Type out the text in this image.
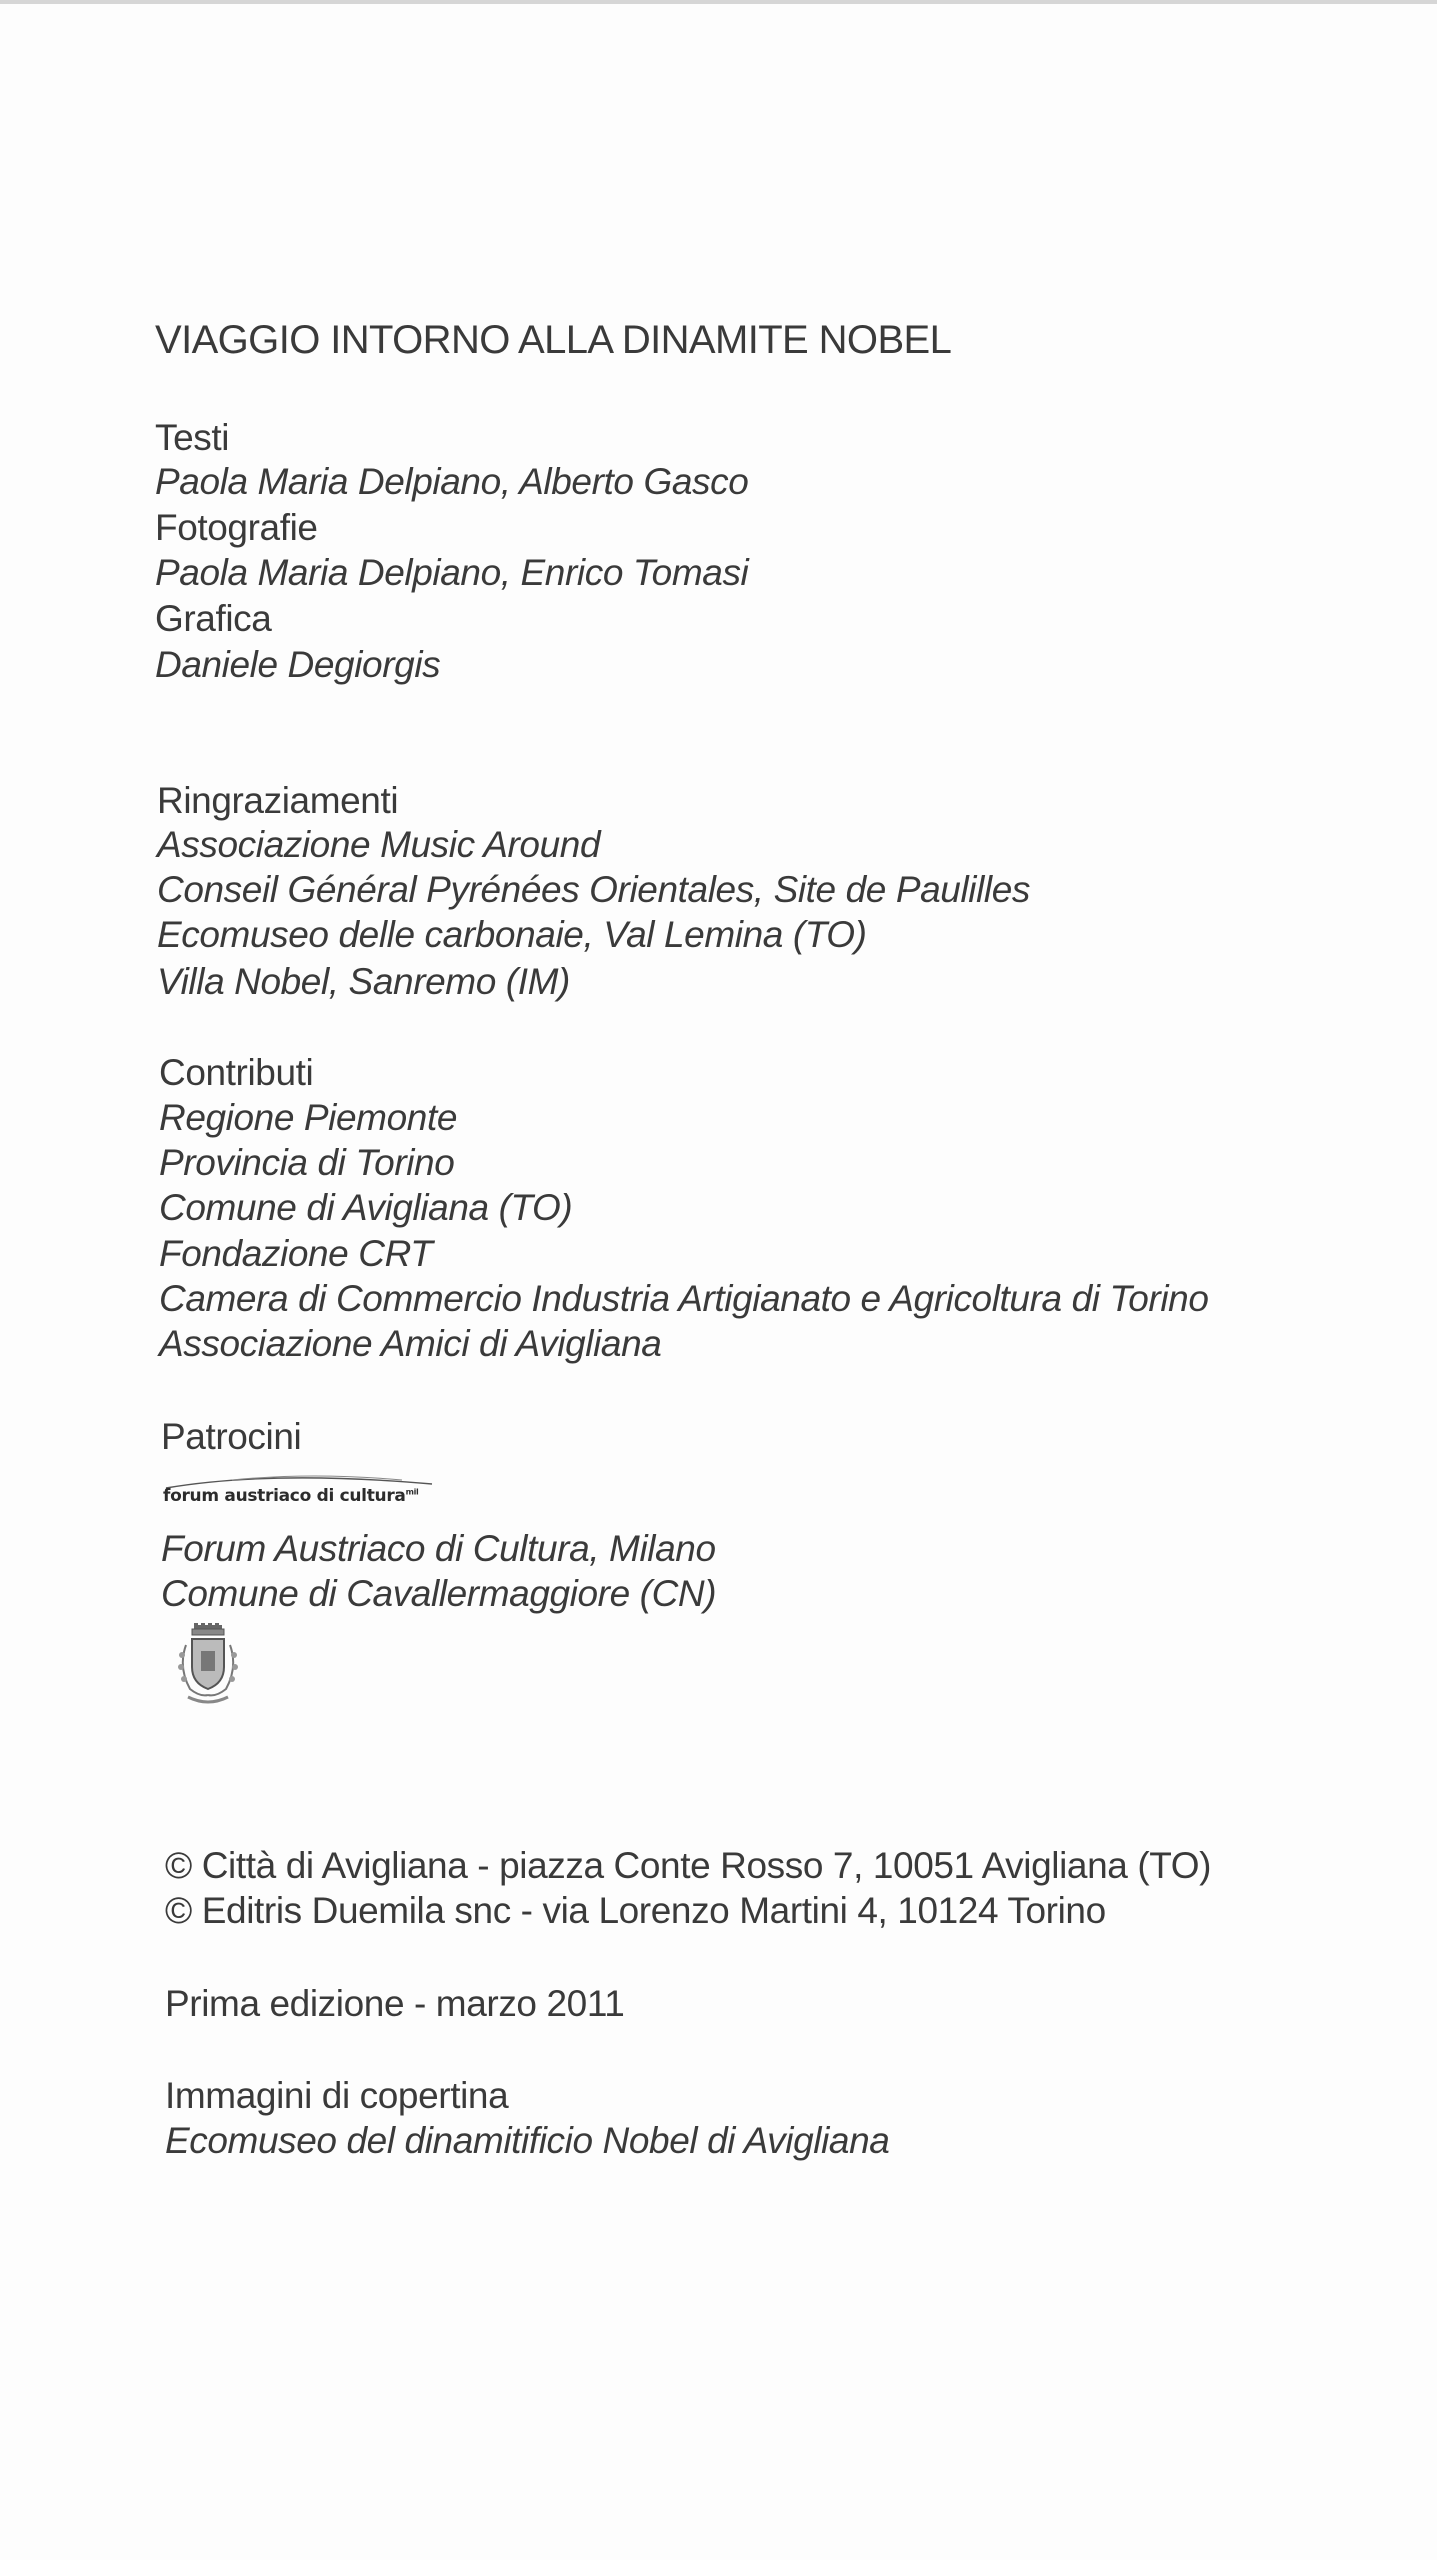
VIAGGIO INTORNO ALLA DINAMITE NOBEL
Testi
Paola Maria Delpiano, Alberto Gasco
Fotografie
Paola Maria Delpiano, Enrico Tomasi
Grafica
Daniele Degiorgis
Ringraziamenti
Associazione Music Around
Conseil Général Pyrénées Orientales, Site de Paulilles
Ecomuseo delle carbonaie, Val Lemina (TO)
Villa Nobel, Sanremo (IM)
Contributi
Regione Piemonte
Provincia di Torino
Comune di Avigliana (TO)
Fondazione CRT
Camera di Commercio Industria Artigianato e Agricoltura di Torino
Associazione Amici di Avigliana
Patrocini
forum austriaco di cultura$^{mil}$
Forum Austriaco di Cultura, Milano
Comune di Cavallermaggiore (CN)
© Città di Avigliana - piazza Conte Rosso 7, 10051 Avigliana (TO)
© Editris Duemila snc - via Lorenzo Martini 4, 10124 Torino
Prima edizione - marzo 2011
Immagini di copertina
Ecomuseo del dinamitificio Nobel di Avigliana
